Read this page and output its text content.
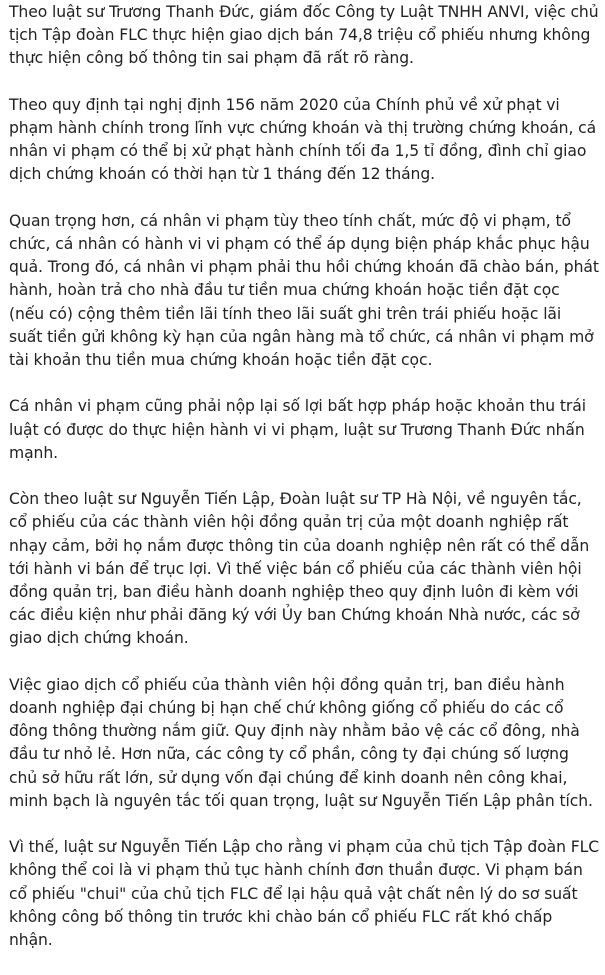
Theo luật sư Trương Thanh Đức, giám đốc Công ty Luật TNHH ANVI, việc chủ tịch Tập đoàn FLC thực hiện giao dịch bán 74,8 triệu cổ phiếu nhưng không thực hiện công bố thông tin sai phạm đã rất rõ ràng.

Theo quy định tại nghị định 156 năm 2020 của Chính phủ về xử phạt vi phạm hành chính trong lĩnh vực chứng khoán và thị trường chứng khoán, cá nhân vi phạm có thể bị xử phạt hành chính tối đa 1,5 tỉ đồng, đình chỉ giao dịch chứng khoán có thời hạn từ 1 tháng đến 12 tháng.

Quan trọng hơn, cá nhân vi phạm tùy theo tính chất, mức độ vi phạm, tổ chức, cá nhân có hành vi vi phạm có thể áp dụng biện pháp khắc phục hậu quả. Trong đó, cá nhân vi phạm phải thu hồi chứng khoán đã chào bán, phát hành, hoàn trả cho nhà đầu tư tiền mua chứng khoán hoặc tiền đặt cọc (nếu có) cộng thêm tiền lãi tính theo lãi suất ghi trên trái phiếu hoặc lãi suất tiền gửi không kỳ hạn của ngân hàng mà tổ chức, cá nhân vi phạm mở tài khoản thu tiền mua chứng khoán hoặc tiền đặt cọc.

Cá nhân vi phạm cũng phải nộp lại số lợi bất hợp pháp hoặc khoản thu trái luật có được do thực hiện hành vi vi phạm, luật sư Trương Thanh Đức nhấn mạnh.

Còn theo luật sư Nguyễn Tiến Lập, Đoàn luật sư TP Hà Nội, về nguyên tắc, cổ phiếu của các thành viên hội đồng quản trị của một doanh nghiệp rất nhạy cảm, bởi họ nắm được thông tin của doanh nghiệp nên rất có thể dẫn tới hành vi bán để trục lợi. Vì thế việc bán cổ phiếu của các thành viên hội đồng quản trị, ban điều hành doanh nghiệp theo quy định luôn đi kèm với các điều kiện như phải đăng ký với Ủy ban Chứng khoán Nhà nước, các sở giao dịch chứng khoán.

Việc giao dịch cổ phiếu của thành viên hội đồng quản trị, ban điều hành doanh nghiệp đại chúng bị hạn chế chứ không giống cổ phiếu do các cổ đông thông thường nắm giữ. Quy định này nhằm bảo vệ các cổ đông, nhà đầu tư nhỏ lẻ. Hơn nữa, các công ty cổ phần, công ty đại chúng số lượng chủ sở hữu rất lớn, sử dụng vốn đại chúng để kinh doanh nên công khai, minh bạch là nguyên tắc tối quan trọng, luật sư Nguyễn Tiến Lập phân tích.

Vì thế, luật sư Nguyễn Tiến Lập cho rằng vi phạm của chủ tịch Tập đoàn FLC không thể coi là vi phạm thủ tục hành chính đơn thuần được. Vi phạm bán cổ phiếu "chui" của chủ tịch FLC để lại hậu quả vật chất nên lý do sơ suất không công bố thông tin trước khi chào bán cổ phiếu FLC rất khó chấp nhận.
